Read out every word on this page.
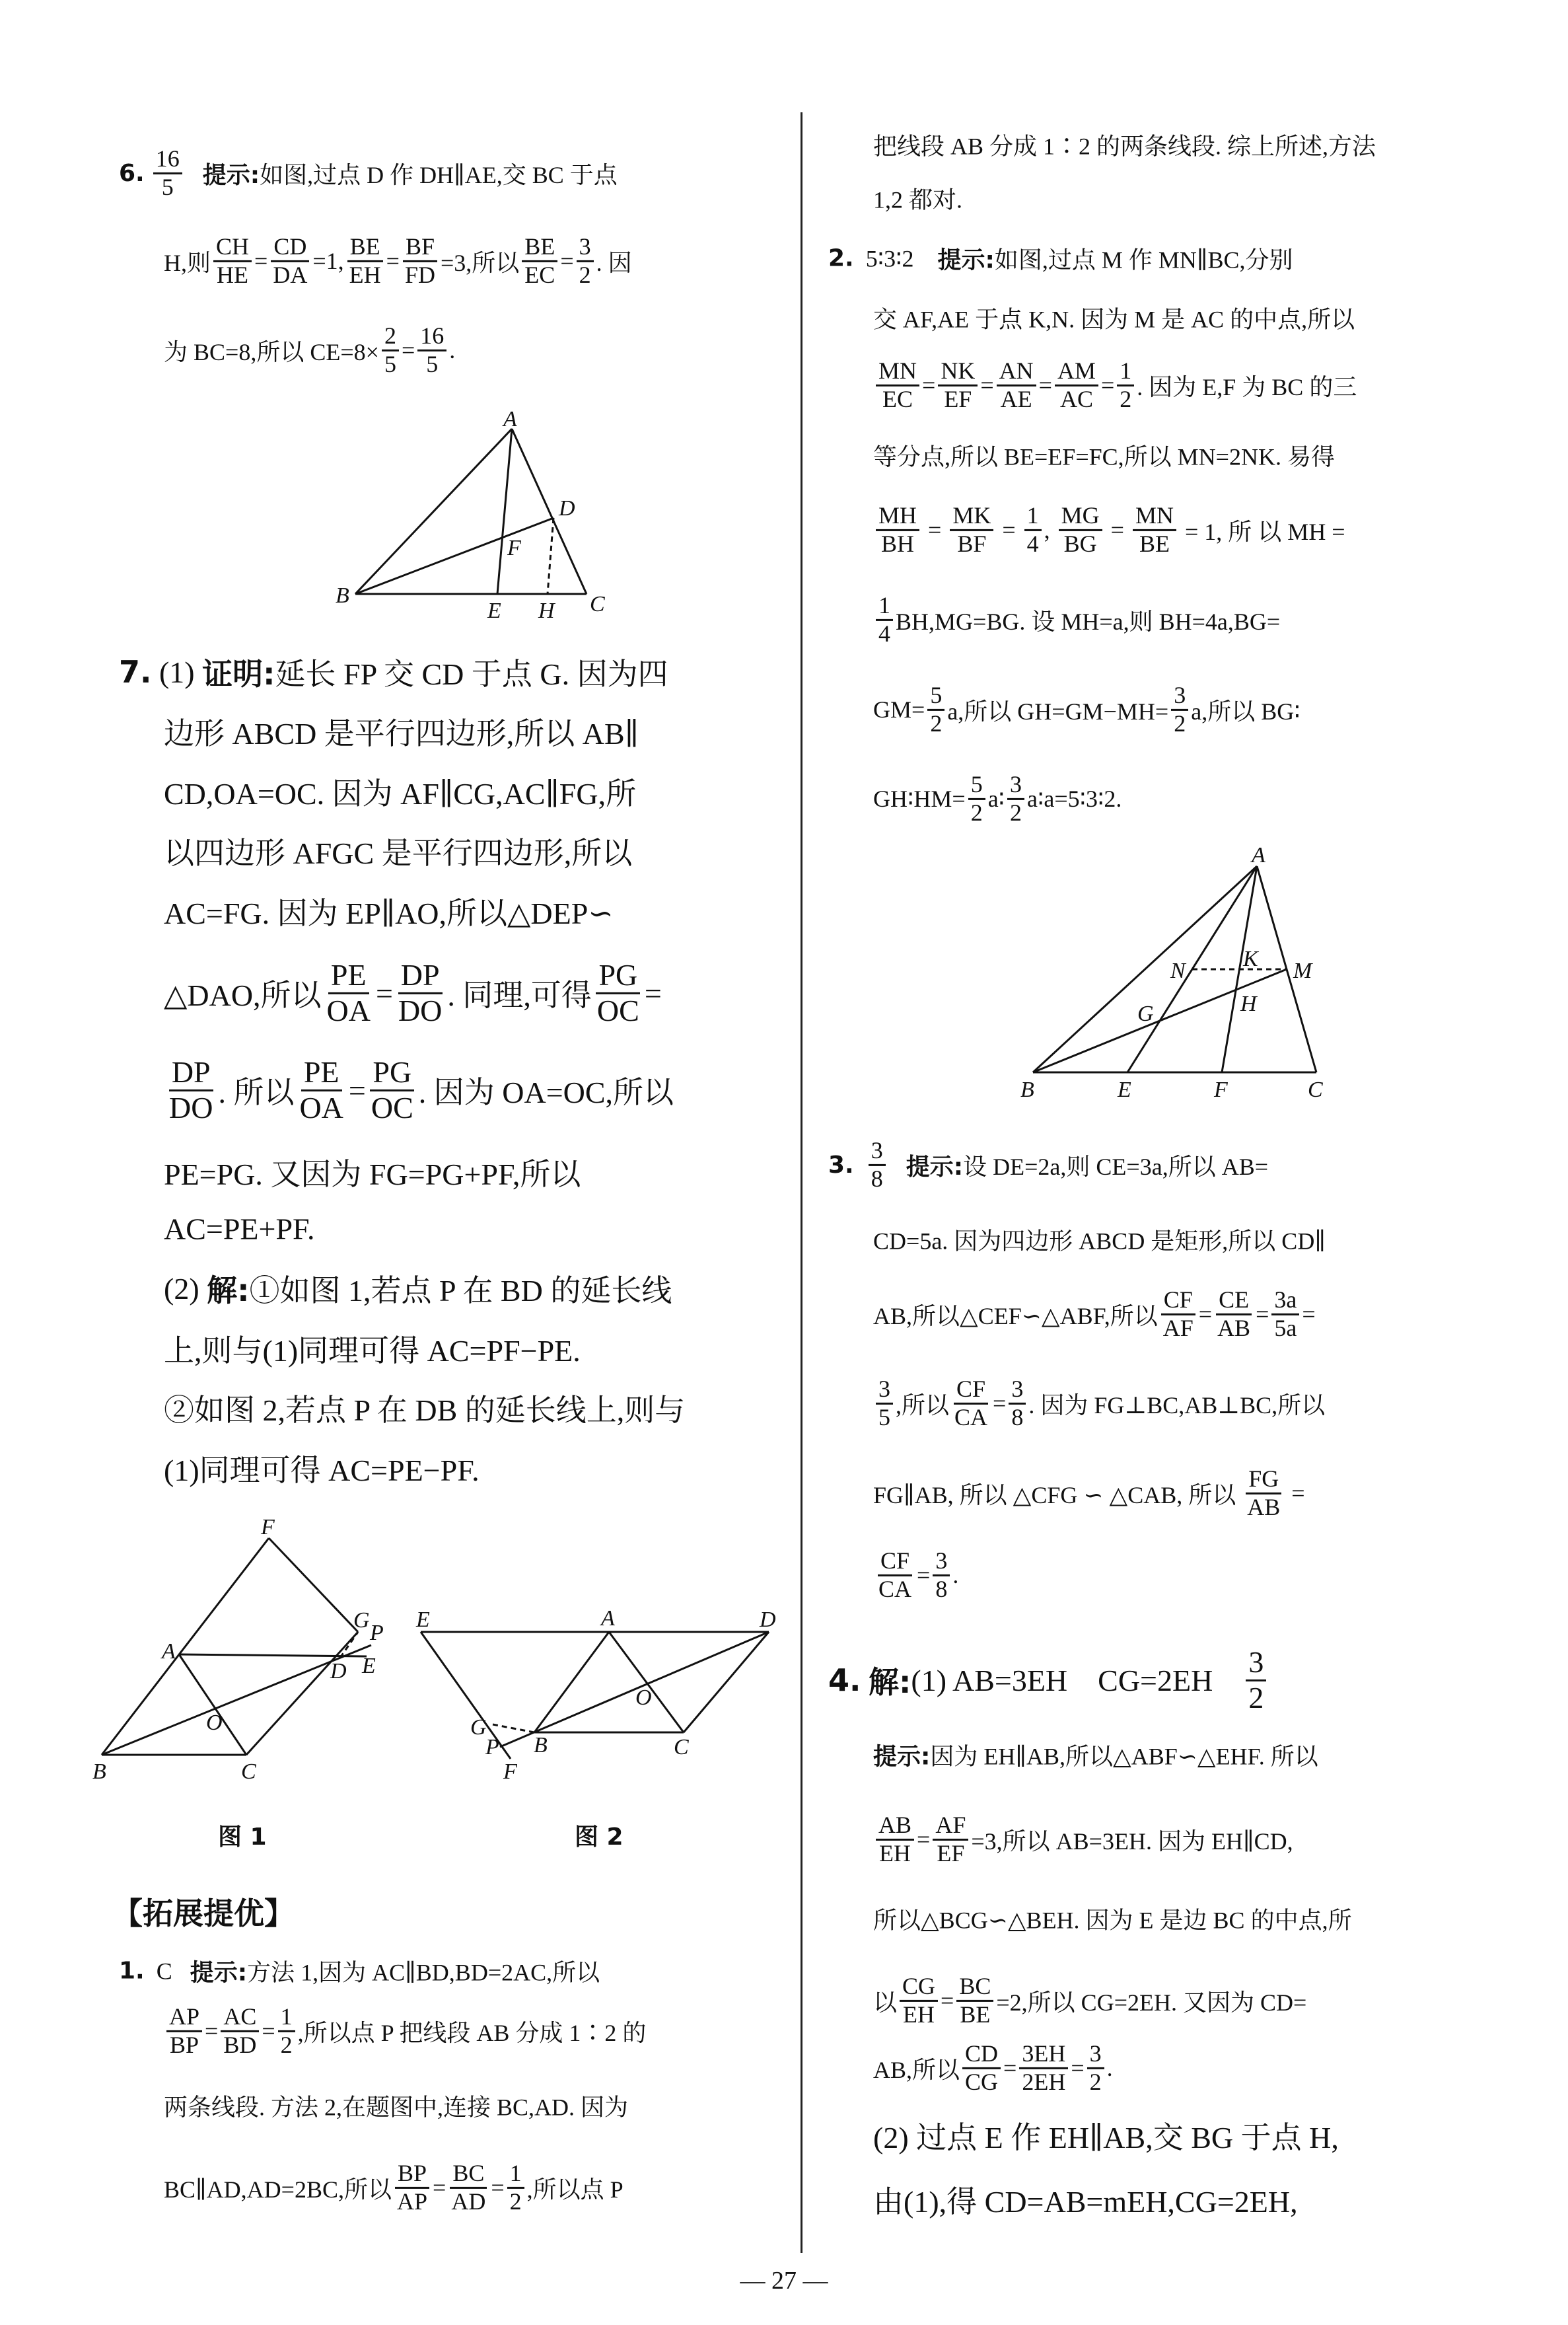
6.
$\frac{16}{5}$
提示: 如图,过点 D 作 DH∥AE,交 BC 于点
H,则 $\frac{CH}{HE} = \frac{CD}{DA} =1$, $\frac{BE}{EH} = \frac{BF}{FD} =3$,所以 $\frac{BE}{EC} = \frac{3}{2}$ . 因
为 BC=8,所以 $CE=8\times \frac{2}{5} = \frac{16}{5}$ .
7. (1) 证明: 延长 FP 交 CD 于点 G. 因为四
边形 ABCD 是平行四边形,所以 AB∥
CD,OA=OC. 因为 AF∥CG,AC∥FG,所
以四边形 AFGC 是平行四边形,所以
AC=FG. 因为 EP∥AO,所以△DEP∽
△DAO,所以 $\frac{PE}{OA} = \frac{DP}{DO}$ . 同理,可得 $\frac{PG}{OC}$ =
$\frac{DP}{DO}$ . 所以 $\frac{PE}{OA} = \frac{PG}{OC}$ . 因为 OA=OC,所以
PE=PG. 又因为 FG=PG+PF,所以
AC=PE+PF.
(2) 解: ①如图 1,若点 P 在 BD 的延长线
上,则与(1)同理可得 AC=PF−PE.
②如图 2,若点 P 在 DB 的延长线上,则与
(1)同理可得 AC=PE−PF.
图 1	图 2
【拓展提优】
1. C 提示: 方法 1,因为 AC∥BD,BD=2AC,所以
$\frac{AP}{BP} = \frac{AC}{BD} = \frac{1}{2}$ ,所以点 P 把线段 AB 分成 1∶2 的
两条线段. 方法 2,在题图中,连接 BC,AD. 因为
BC∥AD,AD=2BC,所以 $\frac{BP}{AP} = \frac{BC}{AD} = \frac{1}{2}$ ,所以点 P
把线段 AB 分成 1∶2 的两条线段. 综上所述,方法
1,2 都对.
2. 5∶3∶2 提示: 如图,过点 M 作 MN∥BC,分别
交 AF,AE 于点 K,N. 因为 M 是 AC 的中点,所以
$\frac{MN}{EC} = \frac{NK}{EF} = \frac{AN}{AE} = \frac{AM}{AC} = \frac{1}{2}$ . 因为 E,F 为 BC 的三
等分点,所以 BE=EF=FC,所以 MN=2NK. 易得
$\frac{MH}{BH} = \frac{MK}{BF} = \frac{1}{4}$ , $\frac{MG}{BG} = \frac{MN}{BE} = 1$, 所 以 MH =
$\frac{1}{4} BH,MG=BG$. 设 MH=a,则 BH=4a,BG=
$GM= \frac{5}{2} a$,所以 $GH=GM-MH= \frac{3}{2} a$,所以 BG∶
GH∶HM= $\frac{5}{2}$ a∶ $\frac{3}{2}$ a∶a=5∶3∶2.
3.
$\frac{3}{8}$
提示: 设 DE=2a,则 CE=3a,所以 AB=
CD=5a. 因为四边形 ABCD 是矩形,所以 CD∥
AB,所以△CEF∽△ABF,所以 $\frac{CF}{AF} = \frac{CE}{AB} = \frac{3a}{5a}$ =
$\frac{3}{5}$ ,所以 $\frac{CF}{CA} = \frac{3}{8}$ . 因为 FG⊥BC,AB⊥BC,所以
FG∥AB, 所以 △CFG ∽ △CAB, 所以 $\frac{FG}{AB}$ =
$\frac{CF}{CA} = \frac{3}{8}$ .
4.
解: (1) AB=3EH    $CG=2EH \frac{3}{2}$
提示: 因为 EH∥AB,所以△ABF∽△EHF. 所以
$\frac{AB}{EH} = \frac{AF}{EF} =3$,所以 AB=3EH. 因为 EH∥CD,
所以△BCG∽△BEH. 因为 E 是边 BC 的中点,所
以 $\frac{CG}{EH} = \frac{BC}{BE} =2$,所以 CG=2EH. 又因为 CD=
AB,所以 $\frac{CD}{CG} = \frac{3EH}{2EH} = \frac{3}{2}$ .
(2) 过点 E 作 EH∥AB,交 BG 于点 H,
由(1),得 CD=AB=mEH,CG=2EH,
— 27 —
A
B	C
D
E
F
H
F
A
G
P
D E
O
B	C
E	A	D
O
G
P B
F
C
A
B	C
E	F
M
N	K
G	H
